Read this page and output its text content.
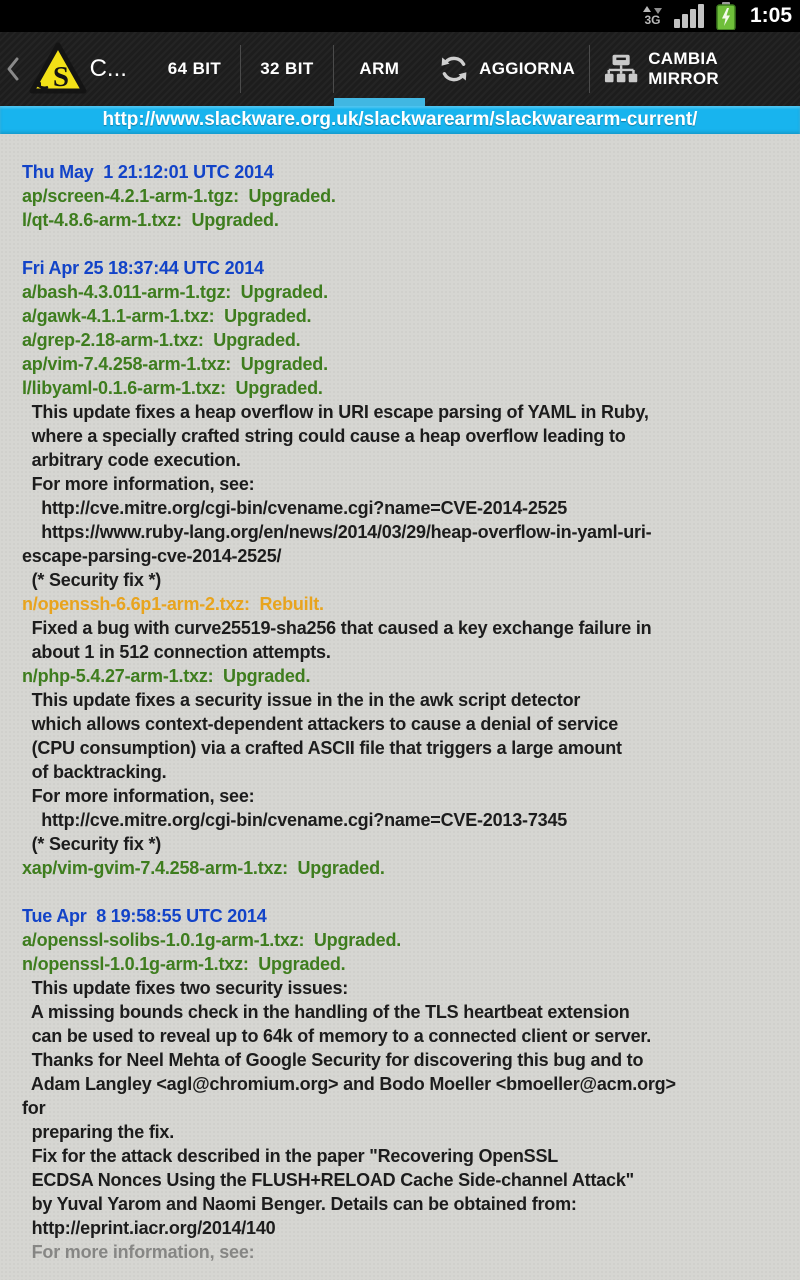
3G	1:05
S C...	64 BIT 32 BIT	ARM	AGGIORNA
CAMBIA MIRROR
http://www.slackware.org.uk/slackwarearm/slackwarearm-current/
Thu May  1 21:12:01 UTC 2014
ap/screen-4.2.1-arm-1.tgz:  Upgraded.
l/qt-4.8.6-arm-1.txz:  Upgraded.

Fri Apr 25 18:37:44 UTC 2014
a/bash-4.3.011-arm-1.tgz:  Upgraded.
a/gawk-4.1.1-arm-1.txz:  Upgraded.
a/grep-2.18-arm-1.txz:  Upgraded.
ap/vim-7.4.258-arm-1.txz:  Upgraded.
l/libyaml-0.1.6-arm-1.txz:  Upgraded.
This update fixes a heap overflow in URI escape parsing of YAML in Ruby,
where a specially crafted string could cause a heap overflow leading to
arbitrary code execution.
For more information, see:
http://cve.mitre.org/cgi-bin/cvename.cgi?name=CVE-2014-2525
https://www.ruby-lang.org/en/news/2014/03/29/heap-overflow-in-yaml-uri-
escape-parsing-cve-2014-2525/
(* Security fix *)
n/openssh-6.6p1-arm-2.txz:  Rebuilt.
Fixed a bug with curve25519-sha256 that caused a key exchange failure in
about 1 in 512 connection attempts.
n/php-5.4.27-arm-1.txz:  Upgraded.
This update fixes a security issue in the in the awk script detector
which allows context-dependent attackers to cause a denial of service
(CPU consumption) via a crafted ASCII file that triggers a large amount
of backtracking.
For more information, see:
http://cve.mitre.org/cgi-bin/cvename.cgi?name=CVE-2013-7345
(* Security fix *)
xap/vim-gvim-7.4.258-arm-1.txz:  Upgraded.

Tue Apr  8 19:58:55 UTC 2014
a/openssl-solibs-1.0.1g-arm-1.txz:  Upgraded.
n/openssl-1.0.1g-arm-1.txz:  Upgraded.
This update fixes two security issues:
A missing bounds check in the handling of the TLS heartbeat extension
can be used to reveal up to 64k of memory to a connected client or server.
Thanks for Neel Mehta of Google Security for discovering this bug and to
Adam Langley <agl@chromium.org> and Bodo Moeller <bmoeller@acm.org>
for
preparing the fix.
Fix for the attack described in the paper "Recovering OpenSSL
ECDSA Nonces Using the FLUSH+RELOAD Cache Side-channel Attack"
by Yuval Yarom and Naomi Benger. Details can be obtained from:
http://eprint.iacr.org/2014/140
For more information, see:
